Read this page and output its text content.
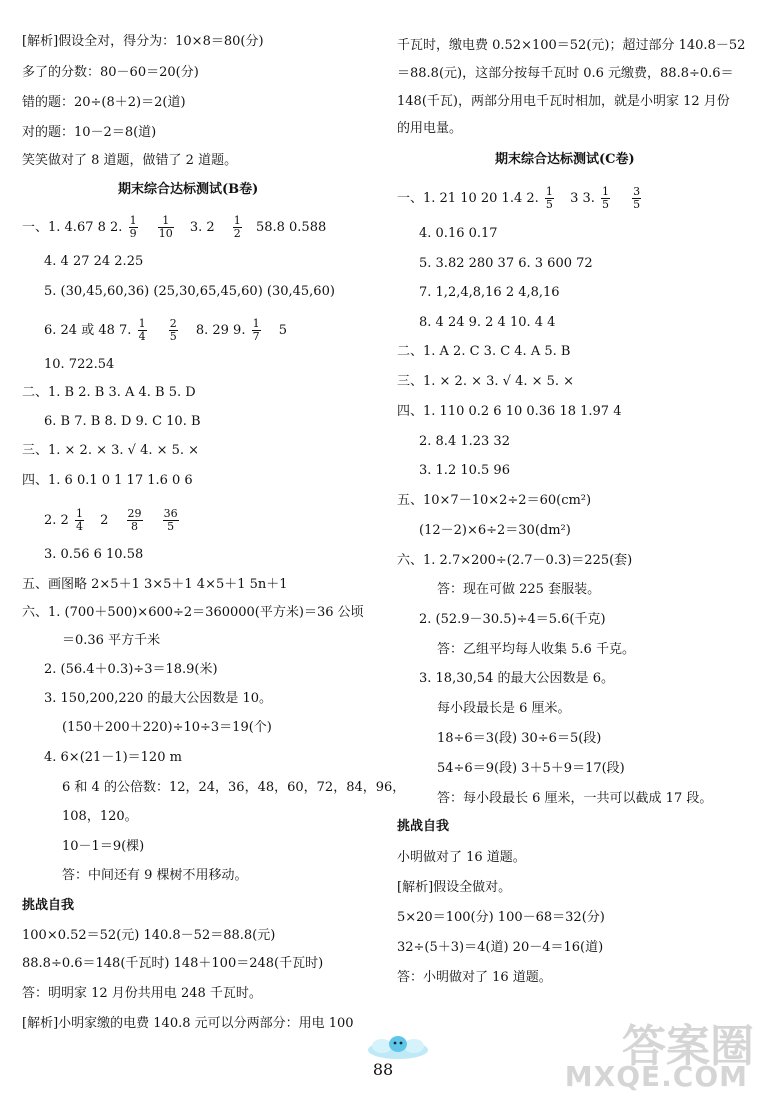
[解析]假设全对，得分为：10×8＝80(分)
多了的分数：80－60＝20(分)
错的题：20÷(8＋2)＝2(道)
对的题：10－2＝8(道)
笑笑做对了 8 道题，做错了 2 道题。
期末综合达标测试(B卷)
一、1. 4.67 8 2. $\frac{1}{9}$
$\frac{1}{10} 3$. $2 \frac{1}{2} 58.8$ 0.588
4. 4 27 24 2.25
5. (30,45,60,36) (25,30,65,45,60) (30,45,60)
6. 24 或 48 7. $\frac{1}{4}$
$\frac{2}{5} 8$. 29 9. $\frac{1}{7} 5$
10. 722.54
二、1. B 2. B 3. A 4. B 5. D
6. B 7. B 8. D 9. C 10. B
三、1. × 2. × 3. √ 4. × 5. ×
四、1. 6 0.1 0 1 17 1.6 0 6
2. $2 \frac{1}{4} 2 \frac{29}{8}$
$\frac{36}{5}$
3. 0.56 6 10.58
五、画图略 2×5＋1 3×5＋1 4×5＋1 5n＋1
六、1. (700＋500)×600÷2＝360000(平方米)＝36 公顷
＝0.36 平方千米
2. (56.4＋0.3)÷3＝18.9(米)
3. 150,200,220 的最大公因数是 10。
(150＋200＋220)÷10÷3＝19(个)
4. 6×(21－1)＝120 m
6 和 4 的公倍数：12，24，36，48，60，72，84，96，
108，120。
10－1＝9(棵)
答：中间还有 9 棵树不用移动。
挑战自我
100×0.52＝52(元) 140.8－52＝88.8(元)
88.8÷0.6＝148(千瓦时) 148＋100＝248(千瓦时)
答：明明家 12 月份共用电 248 千瓦时。
[解析]小明家缴的电费 140.8 元可以分两部分：用电 100
千瓦时，缴电费 0.52×100＝52(元)；超过部分 140.8－52
＝88.8(元)，这部分按每千瓦时 0.6 元缴费，88.8÷0.6＝
148(千瓦)，两部分用电千瓦时相加，就是小明家 12 月份
的用电量。
期末综合达标测试(C卷)
一、1. 21 10 20 1.4 2. $\frac{1}{5} 3$ 3. $\frac{1}{5}$
$\frac{3}{5}$
4. 0.16 0.17
5. 3.82 280 37 6. 3 600 72
7. 1,2,4,8,16 2 4,8,16
8. 4 24 9. 2 4 10. 4 4
二、1. A 2. C 3. C 4. A 5. B
三、1. × 2. × 3. √ 4. × 5. ×
四、1. 110 0.2 6 10 0.36 18 1.97 4
2. 8.4 1.23 32
3. 1.2 10.5 96
五、10×7－10×2÷2＝60(cm²)
(12－2)×6÷2＝30(dm²)
六、1. 2.7×200÷(2.7－0.3)＝225(套)
答：现在可做 225 套服装。
2. (52.9－30.5)÷4＝5.6(千克)
答：乙组平均每人收集 5.6 千克。
3. 18,30,54 的最大公因数是 6。
每小段最长是 6 厘米。
18÷6＝3(段) 30÷6＝5(段)
54÷6＝9(段) 3＋5＋9＝17(段)
答：每小段最长 6 厘米，一共可以截成 17 段。
挑战自我
小明做对了 16 道题。
[解析]假设全做对。
5×20＝100(分) 100－68＝32(分)
32÷(5＋3)＝4(道) 20－4＝16(道)
答：小明做对了 16 道题。
88	答案圈
MXQE.COM
